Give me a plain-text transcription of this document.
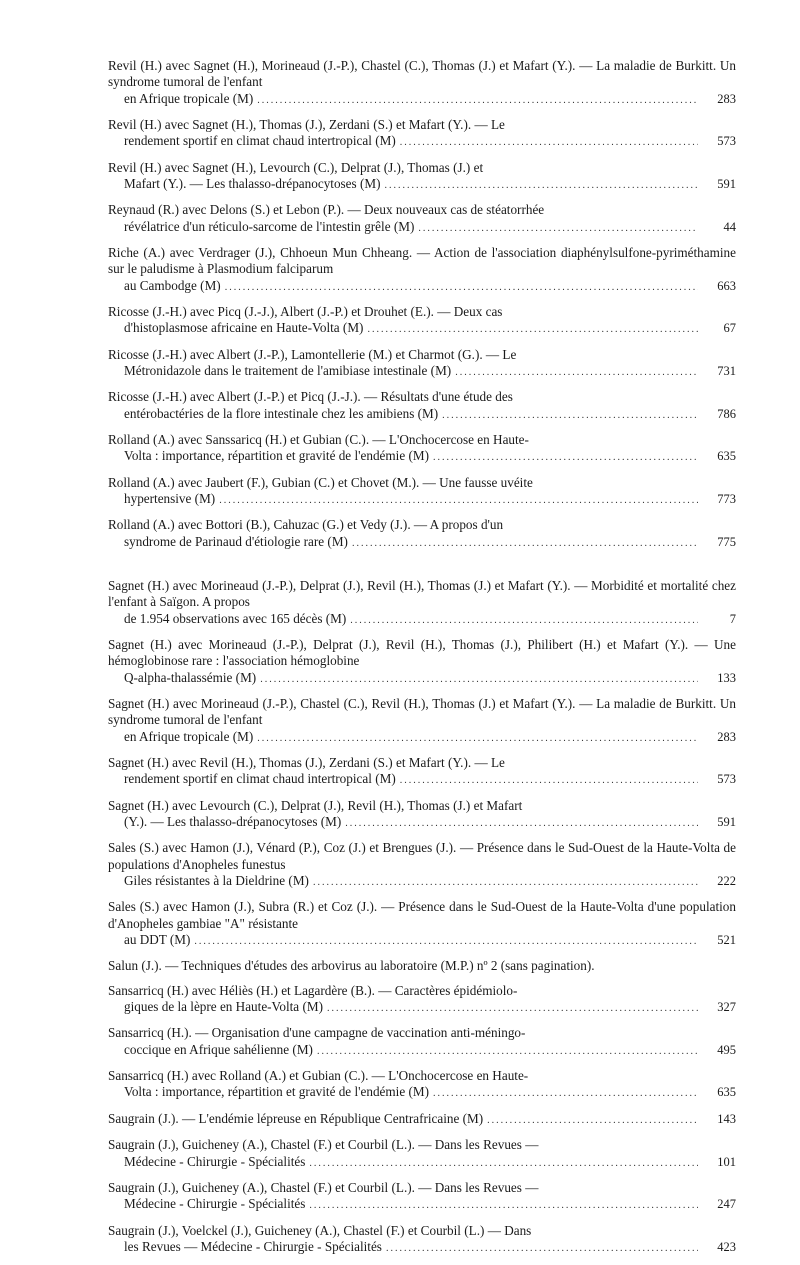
Revil (H.) avec Sagnet (H.), Morineaud (J.-P.), Chastel (C.), Thomas (J.) et Mafart (Y.). — La maladie de Burkitt. Un syndrome tumoral de l'enfant
en Afrique tropicale (M) .....	283
Revil (H.) avec Sagnet (H.), Thomas (J.), Zerdani (S.) et Mafart (Y.). — Le
rendement sportif en climat chaud intertropical (M) .....	573
Revil (H.) avec Sagnet (H.), Levourch (C.), Delprat (J.), Thomas (J.) et
Mafart (Y.). — Les thalasso-drépanocytoses (M) .....	591
Reynaud (R.) avec Delons (S.) et Lebon (P.). — Deux nouveaux cas de stéatorrhée
révélatrice d'un réticulo-sarcome de l'intestin grêle (M) .....	44
Riche (A.) avec Verdrager (J.), Chhoeun Mun Chheang. — Action de l'association diaphénylsulfone-pyriméthamine sur le paludisme à Plasmodium falciparum
au Cambodge (M) .....	663
Ricosse (J.-H.) avec Picq (J.-J.), Albert (J.-P.) et Drouhet (E.). — Deux cas
d'histoplasmose africaine en Haute-Volta (M) .....	67
Ricosse (J.-H.) avec Albert (J.-P.), Lamontellerie (M.) et Charmot (G.). — Le
Métronidazole dans le traitement de l'amibiase intestinale (M) .....	731
Ricosse (J.-H.) avec Albert (J.-P.) et Picq (J.-J.). — Résultats d'une étude des
entérobactéries de la flore intestinale chez les amibiens (M) .....	786
Rolland (A.) avec Sanssaricq (H.) et Gubian (C.). — L'Onchocercose en Haute-
Volta : importance, répartition et gravité de l'endémie (M) .....	635
Rolland (A.) avec Jaubert (F.), Gubian (C.) et Chovet (M.). — Une fausse uvéite
hypertensive (M) .....	773
Rolland (A.) avec Bottori (B.), Cahuzac (G.) et Vedy (J.). — A propos d'un
syndrome de Parinaud d'étiologie rare (M) .....	775
Sagnet (H.) avec Morineaud (J.-P.), Delprat (J.), Revil (H.), Thomas (J.) et Mafart (Y.). — Morbidité et mortalité chez l'enfant à Saïgon. A propos
de 1.954 observations avec 165 décès (M) .....	7
Sagnet (H.) avec Morineaud (J.-P.), Delprat (J.), Revil (H.), Thomas (J.), Philibert (H.) et Mafart (Y.). — Une hémoglobinose rare : l'association hémoglobine
Q-alpha-thalassémie (M) .....	133
Sagnet (H.) avec Morineaud (J.-P.), Chastel (C.), Revil (H.), Thomas (J.) et Mafart (Y.). — La maladie de Burkitt. Un syndrome tumoral de l'enfant
en Afrique tropicale (M) .....	283
Sagnet (H.) avec Revil (H.), Thomas (J.), Zerdani (S.) et Mafart (Y.). — Le
rendement sportif en climat chaud intertropical (M) .....	573
Sagnet (H.) avec Levourch (C.), Delprat (J.), Revil (H.), Thomas (J.) et Mafart
(Y.). — Les thalasso-drépanocytoses (M) .....	591
Sales (S.) avec Hamon (J.), Vénard (P.), Coz (J.) et Brengues (J.). — Présence dans le Sud-Ouest de la Haute-Volta de populations d'Anopheles funestus
Giles résistantes à la Dieldrine (M) .....	222
Sales (S.) avec Hamon (J.), Subra (R.) et Coz (J.). — Présence dans le Sud-Ouest de la Haute-Volta d'une population d'Anopheles gambiae "A" résistante
au DDT (M) .....	521
Salun (J.). — Techniques d'études des arbovirus au laboratoire (M.P.) nº 2 (sans pagination).
Sansarricq (H.) avec Héliès (H.) et Lagardère (B.). — Caractères épidémiolo-
giques de la lèpre en Haute-Volta (M) .....	327
Sansarricq (H.). — Organisation d'une campagne de vaccination anti-méningo-
coccique en Afrique sahélienne (M) .....	495
Sansarricq (H.) avec Rolland (A.) et Gubian (C.). — L'Onchocercose en Haute-
Volta : importance, répartition et gravité de l'endémie (M) .....	635
Saugrain (J.). — L'endémie lépreuse en République Centrafricaine (M) .....	143
Saugrain (J.), Guicheney (A.), Chastel (F.) et Courbil (L.). — Dans les Revues —
Médecine - Chirurgie - Spécialités .....	101
Saugrain (J.), Guicheney (A.), Chastel (F.) et Courbil (L.). — Dans les Revues —
Médecine - Chirurgie - Spécialités .....	247
Saugrain (J.), Voelckel (J.), Guicheney (A.), Chastel (F.) et Courbil (L.) — Dans
les Revues — Médecine - Chirurgie - Spécialités .....	423
